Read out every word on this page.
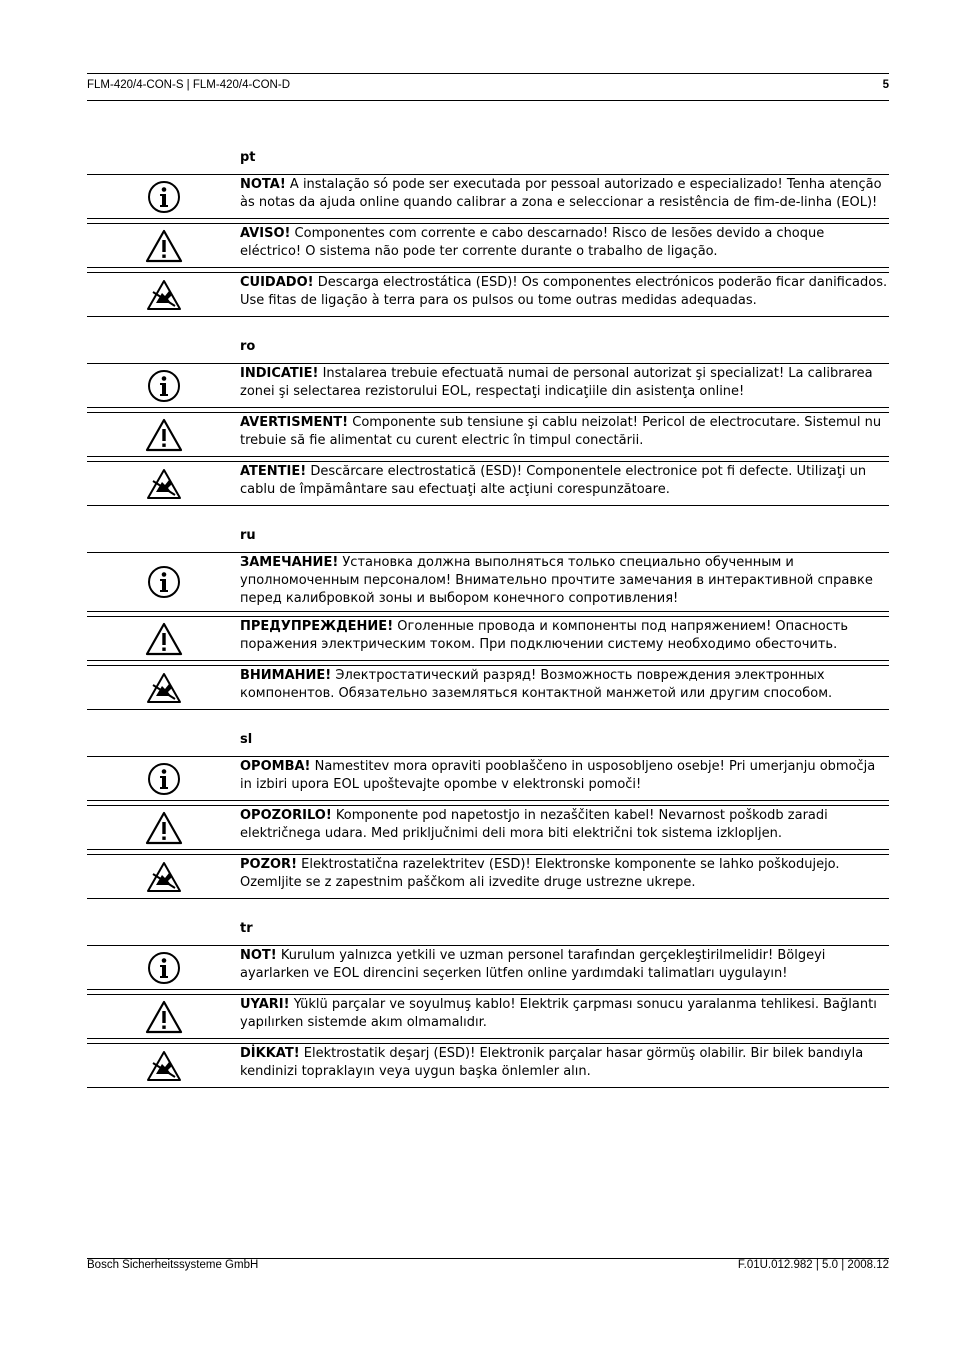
FLM-420/4-CON-S | FLM-420/4-CON-D	5
pt
NOTA! A instalação só pode ser executada por pessoal autorizado e especializado! Tenha atenção às notas da ajuda online quando calibrar a zona e seleccionar a resistência de fim-de-linha (EOL)!
AVISO! Componentes com corrente e cabo descarnado! Risco de lesões devido a choque eléctrico! O sistema não pode ter corrente durante o trabalho de ligação.
CUIDADO! Descarga electrostática (ESD)! Os componentes electrónicos poderão ficar danificados. Use fitas de ligação à terra para os pulsos ou tome outras medidas adequadas.
ro
INDICATIE! Instalarea trebuie efectuată numai de personal autorizat şi specializat! La calibrarea zonei şi selectarea rezistorului EOL, respectaţi indicaţiile din asistenţa online!
AVERTISMENT! Componente sub tensiune şi cablu neizolat! Pericol de electrocutare. Sistemul nu trebuie să fie alimentat cu curent electric în timpul conectării.
ATENTIE! Descărcare electrostatică (ESD)! Componentele electronice pot fi defecte. Utilizaţi un cablu de împământare sau efectuaţi alte acţiuni corespunzătoare.
ru
ЗАМЕЧАНИЕ! Установка должна выполняться только специально обученным и уполномоченным персоналом! Внимательно прочтите замечания в интерактивной справке перед калибровкой зоны и выбором конечного сопротивления!
ПРЕДУПРЕЖДЕНИЕ! Оголенные провода и компоненты под напряжением! Опасность поражения электрическим током. При подключении систему необходимо обесточить.
ВНИМАНИЕ! Электростатический разряд! Возможность повреждения электронных компонентов. Обязательно заземляться контактной манжетой или другим способом.
sl
OPOMBA! Namestitev mora opraviti pooblaščeno in usposobljeno osebje! Pri umerjanju območja in izbiri upora EOL upoštevajte opombe v elektronski pomoči!
OPOZORILO! Komponente pod napetostjo in nezaščiten kabel! Nevarnost poškodb zaradi električnega udara. Med priključnimi deli mora biti električni tok sistema izklopljen.
POZOR! Elektrostatična razelektritev (ESD)! Elektronske komponente se lahko poškodujejo. Ozemljite se z zapestnim paščkom ali izvedite druge ustrezne ukrepe.
tr
NOT! Kurulum yalnızca yetkili ve uzman personel tarafından gerçekleştirilmelidir! Bölgeyi ayarlarken ve EOL direncini seçerken lütfen online yardımdaki talimatları uygulayın!
UYARI! Yüklü parçalar ve soyulmuş kablo! Elektrik çarpması sonucu yaralanma tehlikesi. Bağlantı yapılırken sistemde akım olmamalıdır.
DİKKAT! Elektrostatik deşarj (ESD)! Elektronik parçalar hasar görmüş olabilir. Bir bilek bandıyla kendinizi topraklayın veya uygun başka önlemler alın.
Bosch Sicherheitssysteme GmbH	F.01U.012.982 | 5.0 | 2008.12
